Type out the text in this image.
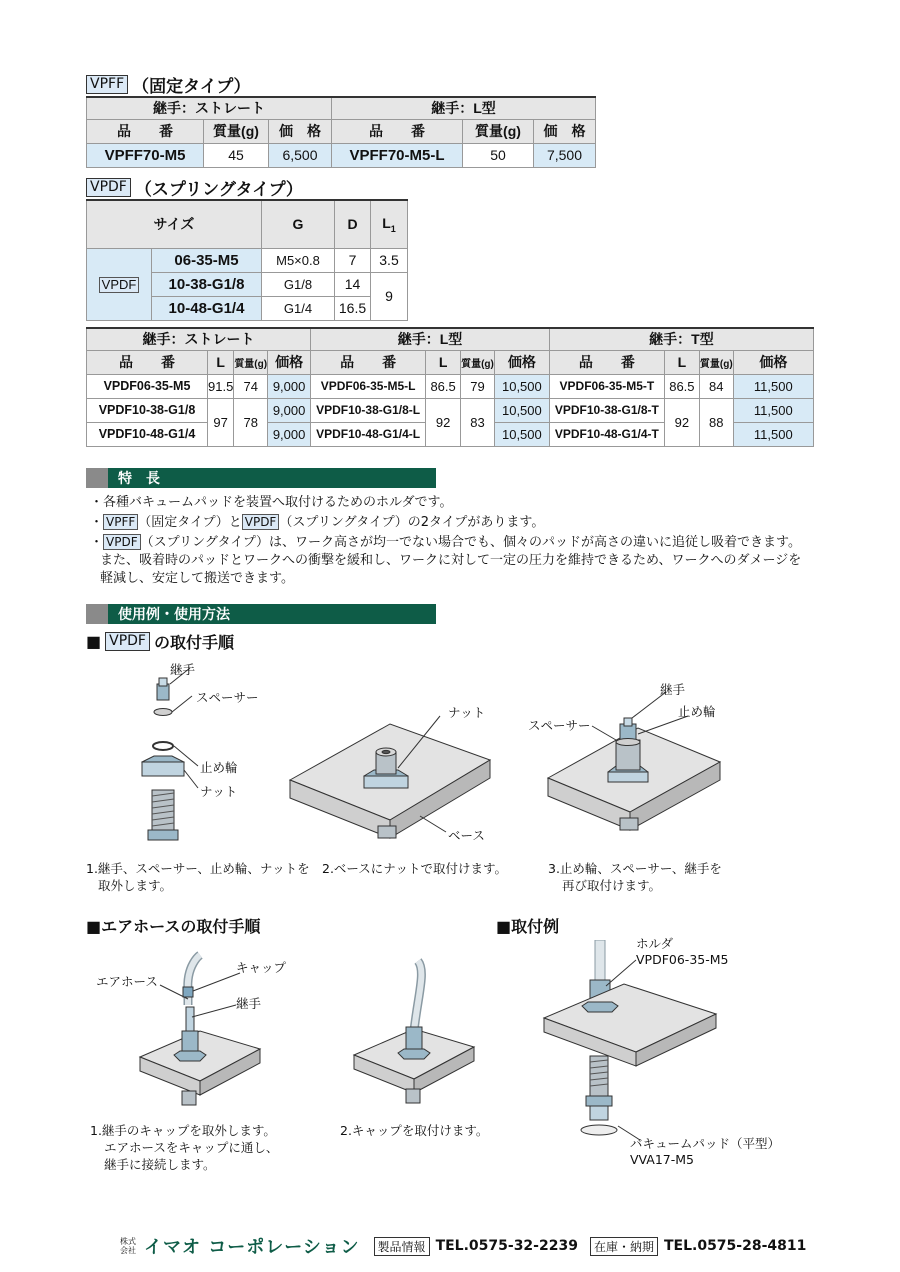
VPFF （固定タイプ）
継手：ストレート			継手：L型		
品　　番	質量(g)	価　格	品　　番	質量(g)	価　格
VPFF70-M5	45	6,500	VPFF70-M5-L	50	7,500
VPDF （スプリングタイプ）
サイズ		G	D	$L_1$
VPDF	06-35-M5	M5×0.8	7	3.5
	10-38-G1/8	G1/8	14	9
	10-48-G1/4	G1/4	16.5	
継手：ストレート				継手：L型				継手：T型			
品　　番	L	質量(g)	価格	品　　番	L	質量(g)	価格	品　　番	L	質量(g)	価格
VPDF06-35-M5	91.5	74	9,000	VPDF06-35-M5-L	86.5	79	10,500	VPDF06-35-M5-T	86.5	84	11,500
VPDF10-38-G1/8	97	78	9,000	VPDF10-38-G1/8-L	92	83	10,500	VPDF10-38-G1/8-T	92	88	11,500
VPDF10-48-G1/4			9,000	VPDF10-48-G1/4-L			10,500	VPDF10-48-G1/4-T			11,500
特　長
・各種バキュームパッドを装置へ取付けるためのホルダです。
・ VPFF （固定タイプ）と VPDF （スプリングタイプ）の2タイプがあります。
・ VPDF （スプリングタイプ）は、ワーク高さが均一でない場合でも、個々のパッドが高さの違いに追従し吸着できます。
また、吸着時のパッドとワークへの衝撃を緩和し、ワークに対して一定の圧力を維持できるため、ワークへのダメージを
軽減し、安定して搬送できます。
使用例・使用方法
■ VPDF の取付手順
継手
スペーサー
止め輪
ナット
ナット
ベース
継手
止め輪
スペーサー
1.継手、スペーサー、止め輪、ナットを
取外します。
2.ベースにナットで取付けます。	3.止め輪、スペーサー、継手を
再び取付けます。
■エアホースの取付手順
エアホース
キャップ
継手
1.継手のキャップを取外します。
エアホースをキャップに通し、
継手に接続します。
2.キャップを取付けます。
■取付例
ホルダ
VPDF06-35-M5
バキュームパッド（平型）
VVA17-M5
株式会社 イマオ コーポレーション	製品情報 TEL.0575-32-2239	在庫・納期 TEL.0575-28-4811
